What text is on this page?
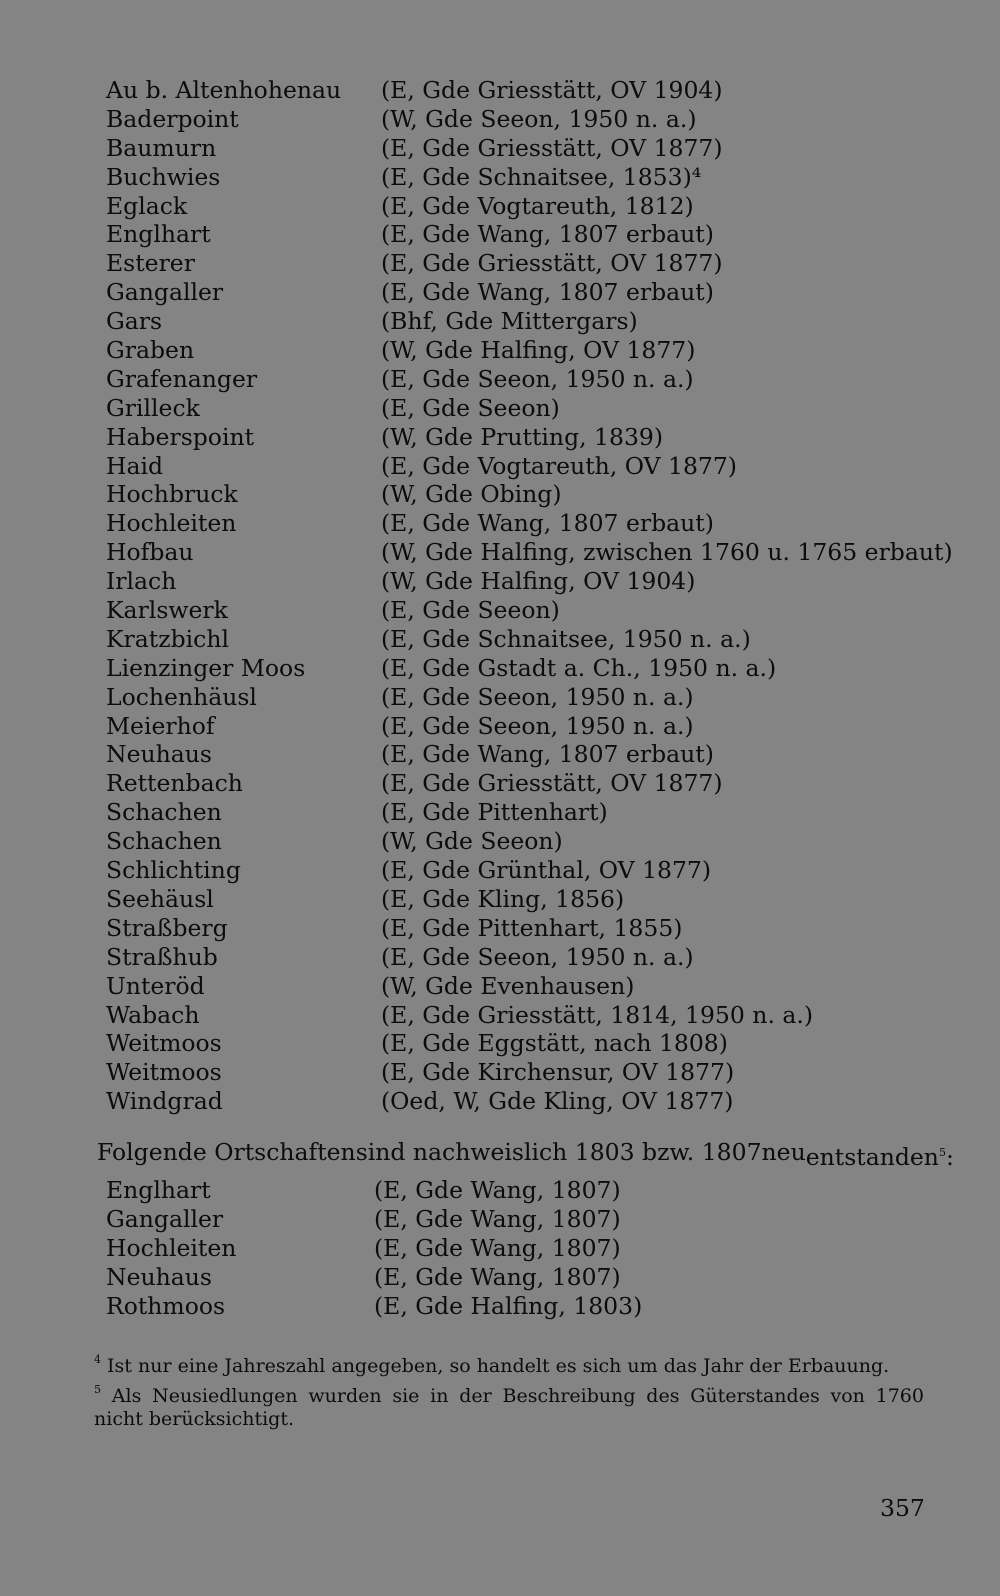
Au b. Altenhohenau (E, Gde Griesstätt, OV 1904)
Baderpoint	(W, Gde Seeon, 1950 n. a.)
Baumurn	(E, Gde Griesstätt, OV 1877)
Buchwies	(E, Gde Schnaitsee, 1853)⁴
Eglack	(E, Gde Vogtareuth, 1812)
Englhart	(E, Gde Wang, 1807 erbaut)
Esterer	(E, Gde Griesstätt, OV 1877)
Gangaller	(E, Gde Wang, 1807 erbaut)
Gars	(Bhf, Gde Mittergars)
Graben	(W, Gde Halfing, OV 1877)
Grafenanger	(E, Gde Seeon, 1950 n. a.)
Grilleck	(E, Gde Seeon)
Haberspoint	(W, Gde Prutting, 1839)
Haid	(E, Gde Vogtareuth, OV 1877)
Hochbruck	(W, Gde Obing)
Hochleiten	(E, Gde Wang, 1807 erbaut)
Hofbau	(W, Gde Halfing, zwischen 1760 u. 1765 erbaut)
Irlach	(W, Gde Halfing, OV 1904)
Karlswerk	(E, Gde Seeon)
Kratzbichl	(E, Gde Schnaitsee, 1950 n. a.)
Lienzinger Moos	(E, Gde Gstadt a. Ch., 1950 n. a.)
Lochenhäusl	(E, Gde Seeon, 1950 n. a.)
Meierhof	(E, Gde Seeon, 1950 n. a.)
Neuhaus	(E, Gde Wang, 1807 erbaut)
Rettenbach	(E, Gde Griesstätt, OV 1877)
Schachen	(E, Gde Pittenhart)
Schachen	(W, Gde Seeon)
Schlichting	(E, Gde Grünthal, OV 1877)
Seehäusl	(E, Gde Kling, 1856)
Straßberg	(E, Gde Pittenhart, 1855)
Straßhub	(E, Gde Seeon, 1950 n. a.)
Unteröd	(W, Gde Evenhausen)
Wabach	(E, Gde Griesstätt, 1814, 1950 n. a.)
Weitmoos	(E, Gde Eggstätt, nach 1808)
Weitmoos	(E, Gde Kirchensur, OV 1877)
Windgrad	(Oed, W, Gde Kling, OV 1877)
Folgende Ortschaften sind nachweislich 1803 bzw. 1807 neu entstanden$^5$:
Englhart	(E, Gde Wang, 1807)
Gangaller	(E, Gde Wang, 1807)
Hochleiten	(E, Gde Wang, 1807)
Neuhaus	(E, Gde Wang, 1807)
Rothmoos	(E, Gde Halfing, 1803)

$^4$ Ist nur eine Jahreszahl angegeben, so handelt es sich um das Jahr der Erbauung.

$^5$ Als Neusiedlungen wurden sie in der Beschreibung des Güterstandes von 1760 nicht berücksichtigt.

357
